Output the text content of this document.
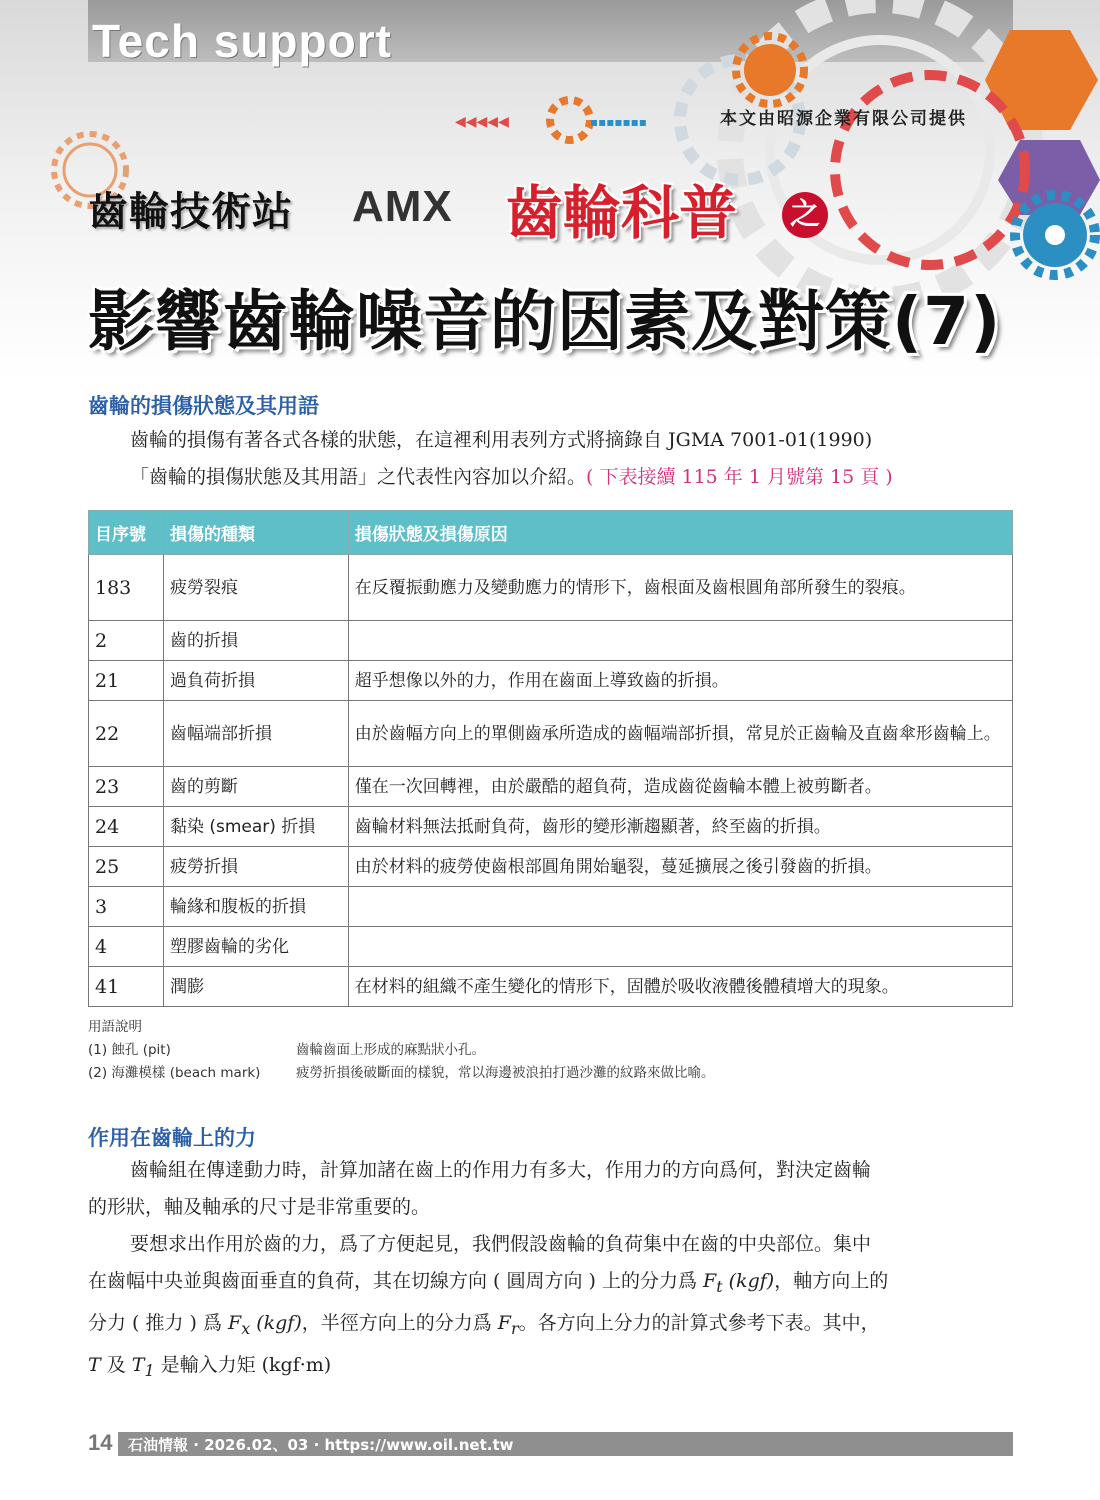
◀◀◀◀◀	▪▪▪▪▪▪▪
Tech support
本文由昭源企業有限公司提供
齒輪技術站 AMX 齒輪科普 之
影響齒輪噪音的因素及對策(7)
齒輪的損傷狀態及其用語
齒輪的損傷有著各式各樣的狀態，在這裡利用表列方式將摘錄自 JGMA 7001-01(1990)
「齒輪的損傷狀態及其用語」之代表性內容加以介紹。( 下表接續 115 年 1 月號第 15 頁 )
目序號	損傷的種類	損傷狀態及損傷原因
183	疲勞裂痕	在反覆振動應力及變動應力的情形下，齒根面及齒根圓角部所發生的裂痕。
2	齒的折損	
21	過負荷折損	超乎想像以外的力，作用在齒面上導致齒的折損。
22	齒幅端部折損	由於齒幅方向上的單側齒承所造成的齒幅端部折損，常見於正齒輪及直齒傘形齒輪上。
23	齒的剪斷	僅在一次回轉裡，由於嚴酷的超負荷，造成齒從齒輪本體上被剪斷者。
24	黏染 (smear) 折損	齒輪材料無法抵耐負荷，齒形的變形漸趨顯著，終至齒的折損。
25	疲勞折損	由於材料的疲勞使齒根部圓角開始龜裂，蔓延擴展之後引發齒的折損。
3	輪緣和腹板的折損	
4	塑膠齒輪的劣化	
41	潤膨	在材料的組織不產生變化的情形下，固體於吸收液體後體積增大的現象。
用語說明
(1) 蝕孔 (pit)	齒輪齒面上形成的麻點狀小孔。
(2) 海灘模樣 (beach mark)	疲勞折損後破斷面的樣貌，常以海邊被浪拍打過沙灘的紋路來做比喻。
作用在齒輪上的力
齒輪組在傳達動力時，計算加諸在齒上的作用力有多大，作用力的方向爲何，對決定齒輪
的形狀，軸及軸承的尺寸是非常重要的。
要想求出作用於齒的力，爲了方便起見，我們假設齒輪的負荷集中在齒的中央部位。集中
在齒幅中央並與齒面垂直的負荷，其在切線方向 ( 圓周方向 ) 上的分力爲 $F_t$ (kgf)，軸方向上的
分力 ( 推力 ) 爲 $F_x$ (kgf)，半徑方向上的分力爲 $F_r$。各方向上分力的計算式參考下表。其中，
T 及 $T_1$ 是輸入力矩 (kgf·m)
14	石油情報 · 2026.02、03 · https://www.oil.net.tw
